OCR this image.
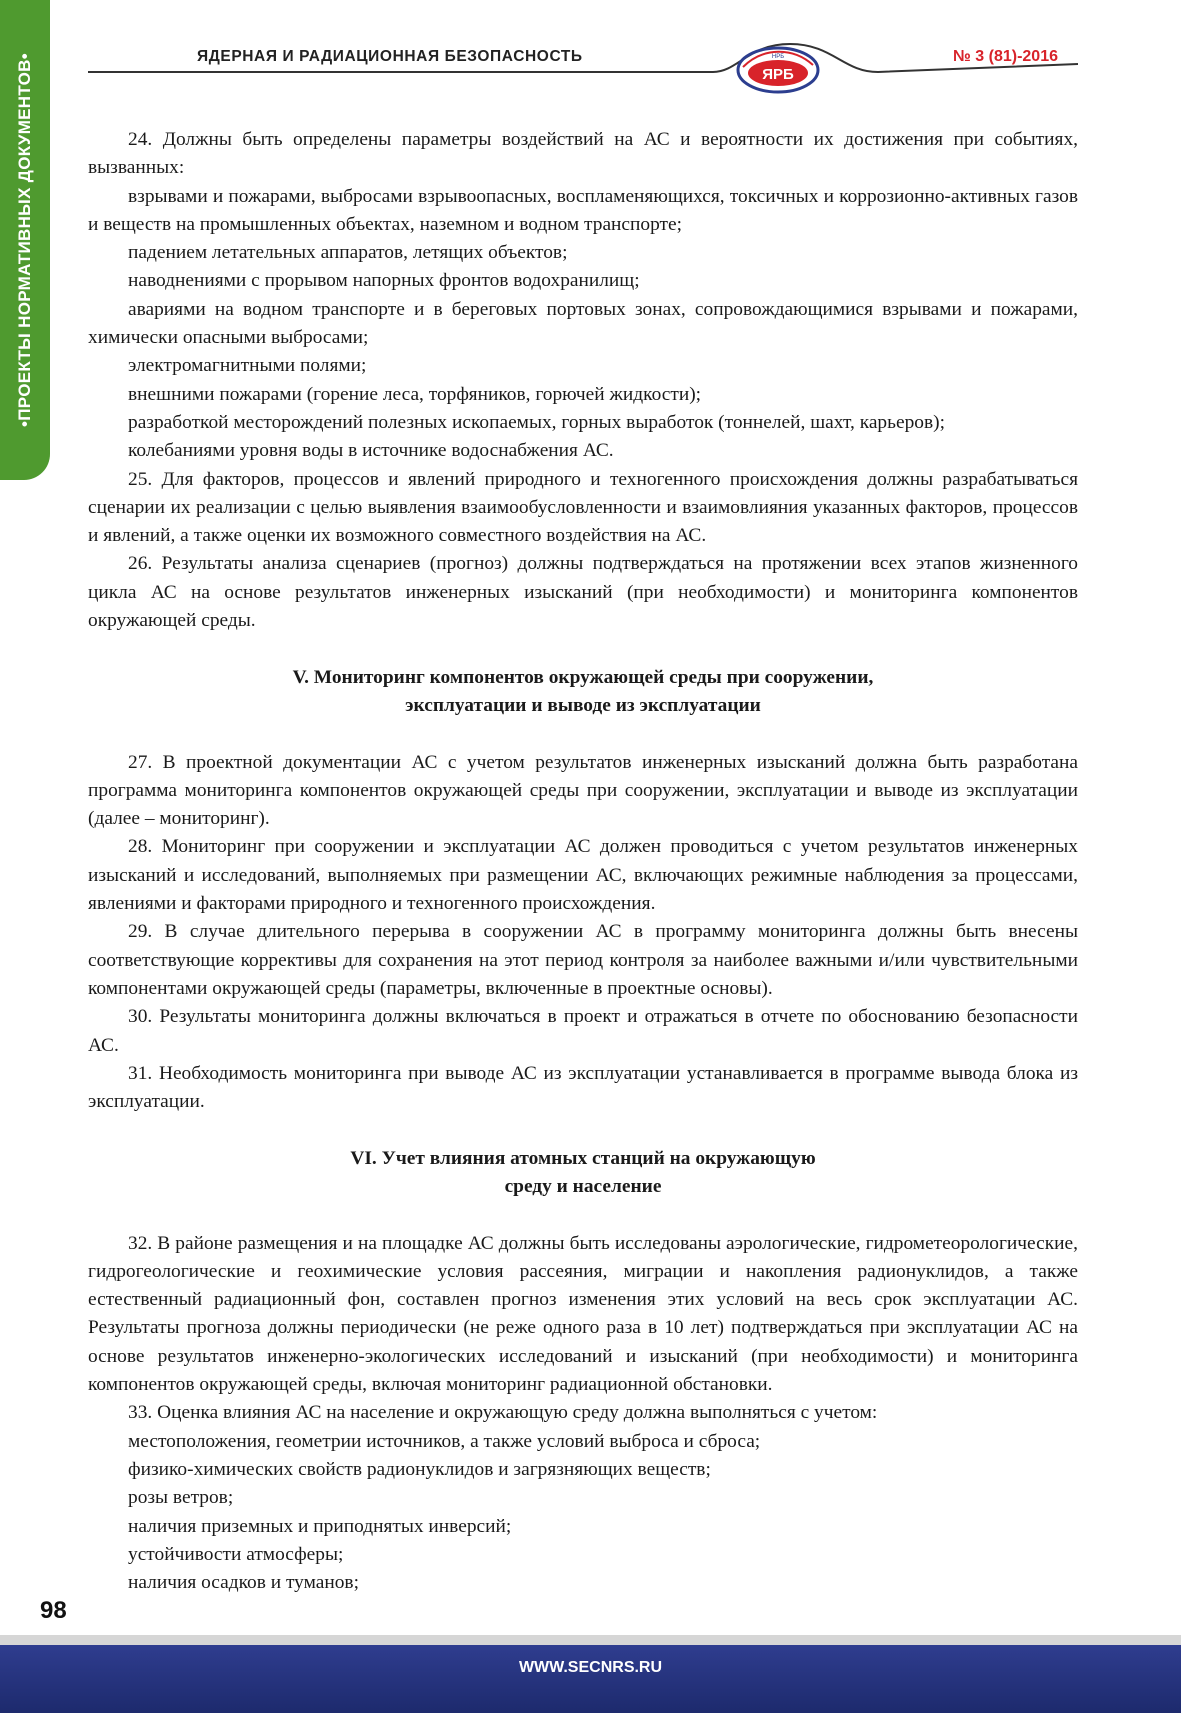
•ПРОЕКТЫ НОРМАТИВНЫХ ДОКУМЕНТОВ•	ЯДЕРНАЯ И РАДИАЦИОННАЯ БЕЗОПАСНОСТЬ
ЯРБ
НРБ	№ 3 (81)-2016

24. Должны быть определены параметры воздействий на АС и вероятности их достижения при событиях, вызванных:

взрывами и пожарами, выбросами взрывоопасных, воспламеняющихся, токсичных и коррозионно-активных газов и веществ на промышленных объектах, наземном и водном транспорте;

падением летательных аппаратов, летящих объектов;

наводнениями с прорывом напорных фронтов водохранилищ;

авариями на водном транспорте и в береговых портовых зонах, сопровождающимися взрывами и пожарами, химически опасными выбросами;

электромагнитными полями;

внешними пожарами (горение леса, торфяников, горючей жидкости);

разработкой месторождений полезных ископаемых, горных выработок (тоннелей, шахт, карьеров);

колебаниями уровня воды в источнике водоснабжения АС.

25. Для факторов, процессов и явлений природного и техногенного происхождения должны разрабатываться сценарии их реализации с целью выявления взаимообусловленности и взаимовлияния указанных факторов, процессов и явлений, а также оценки их возможного совместного воздействия на АС.

26. Результаты анализа сценариев (прогноз) должны подтверждаться на протяжении всех этапов жизненного цикла АС на основе результатов инженерных изысканий (при необходимости) и мониторинга компонентов окружающей среды.

V. Мониторинг компонентов окружающей среды при сооружении,
эксплуатации и выводе из эксплуатации

27. В проектной документации АС с учетом результатов инженерных изысканий должна быть разработана программа мониторинга компонентов окружающей среды при сооружении, эксплуатации и выводе из эксплуатации (далее – мониторинг).

28. Мониторинг при сооружении и эксплуатации АС должен проводиться с учетом результатов инженерных изысканий и исследований, выполняемых при размещении АС, включающих режимные наблюдения за процессами, явлениями и факторами природного и техногенного происхождения.

29. В случае длительного перерыва в сооружении АС в программу мониторинга должны быть внесены соответствующие коррективы для сохранения на этот период контроля за наиболее важными и/или чувствительными компонентами окружающей среды (параметры, включенные в проектные основы).

30. Результаты мониторинга должны включаться в проект и отражаться в отчете по обоснованию безопасности АС.

31. Необходимость мониторинга при выводе АС из эксплуатации устанавливается в программе вывода блока из эксплуатации.

VI. Учет влияния атомных станций на окружающую
среду и население

32. В районе размещения и на площадке АС должны быть исследованы аэрологические, гидрометеорологические, гидрогеологические и геохимические условия рассеяния, миграции и накопления радионуклидов, а также естественный радиационный фон, составлен прогноз изменения этих условий на весь срок эксплуатации АС. Результаты прогноза должны периодически (не реже одного раза в 10 лет) подтверждаться при эксплуатации АС на основе результатов инженерно-экологических исследований и изысканий (при необходимости) и мониторинга компонентов окружающей среды, включая мониторинг радиационной обстановки.

33. Оценка влияния АС на население и окружающую среду должна выполняться с учетом:

местоположения, геометрии источников, а также условий выброса и сброса;

физико-химических свойств радионуклидов и загрязняющих веществ;

розы ветров;

наличия приземных и приподнятых инверсий;

устойчивости атмосферы;

наличия осадков и туманов;

98
WWW.SECNRS.RU
